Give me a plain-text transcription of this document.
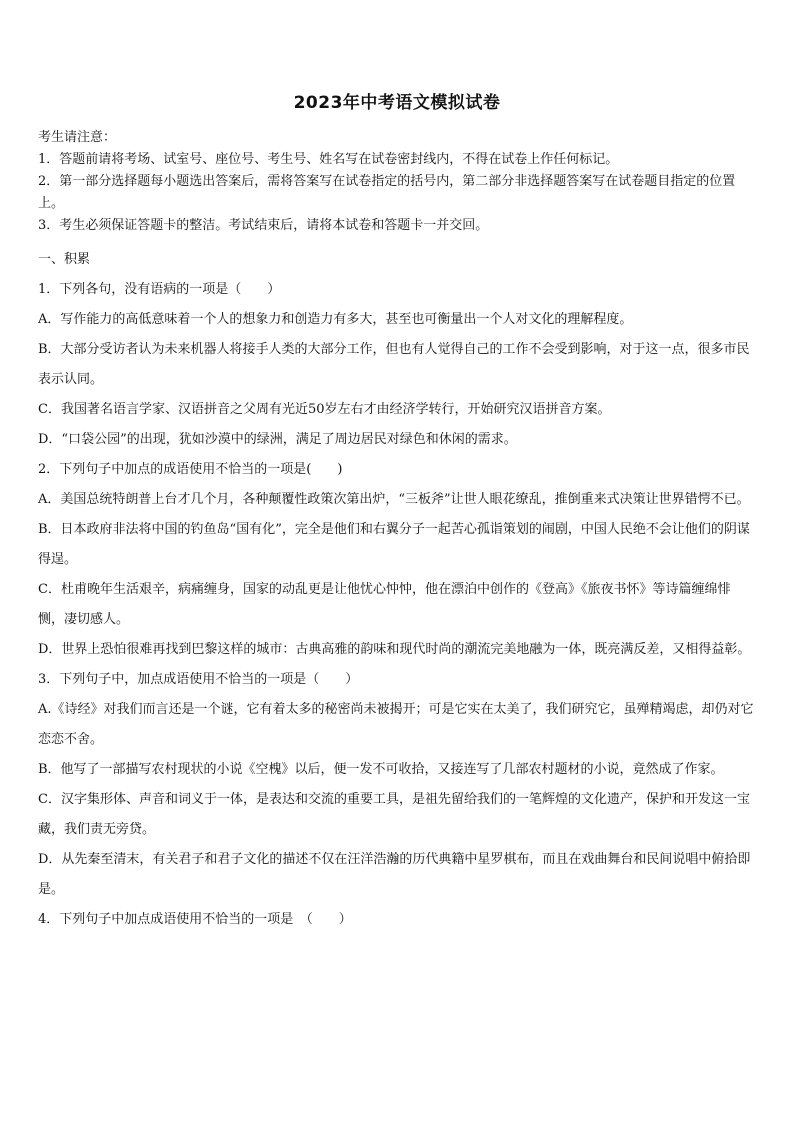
2023年中考语文模拟试卷

考生请注意：

1．答题前请将考场、试室号、座位号、考生号、姓名写在试卷密封线内，不得在试卷上作任何标记。

2．第一部分选择题每小题选出答案后，需将答案写在试卷指定的括号内，第二部分非选择题答案写在试卷题目指定的位置上。

3．考生必须保证答题卡的整洁。考试结束后，请将本试卷和答题卡一并交回。

一、积累

1．下列各句，没有语病的一项是（　　）

A．写作能力的高低意味着一个人的想象力和创造力有多大，甚至也可衡量出一个人对文化的理解程度。

B．大部分受访者认为未来机器人将接手人类的大部分工作，但也有人觉得自己的工作不会受到影响，对于这一点，很多市民表示认同。

C．我国著名语言学家、汉语拼音之父周有光近50岁左右才由经济学转行，开始研究汉语拼音方案。

D．“口袋公园”的出现，犹如沙漠中的绿洲，满足了周边居民对绿色和休闲的需求。

2．下列句子中加点的成语使用不恰当的一项是(　　)

A．美国总统特朗普上台才几个月，各种颠覆性政策次第出炉，“三板斧”让世人眼花缭乱，推倒重来式决策让世界错愕不已。

B．日本政府非法将中国的钓鱼岛“国有化”，完全是他们和右翼分子一起苦心孤诣策划的闹剧，中国人民绝不会让他们的阴谋得逞。

C．杜甫晚年生活艰辛，病痛缠身，国家的动乱更是让他忧心忡忡，他在漂泊中创作的《登高》《旅夜书怀》等诗篇缠绵悱恻，凄切感人。

D．世界上恐怕很难再找到巴黎这样的城市：古典高雅的韵味和现代时尚的潮流完美地融为一体，既亮满反差，又相得益彰。

3．下列句子中，加点成语使用不恰当的一项是（　　）

A.《诗经》对我们而言还是一个谜，它有着太多的秘密尚未被揭开；可是它实在太美了，我们研究它，虽殚精竭虑，却仍对它恋恋不舍。

B．他写了一部描写农村现状的小说《空槐》以后，便一发不可收拾，又接连写了几部农村题材的小说，竟然成了作家。

C．汉字集形体、声音和词义于一体，是表达和交流的重要工具，是祖先留给我们的一笔辉煌的文化遗产，保护和开发这一宝藏，我们责无旁贷。

D．从先秦至清末，有关君子和君子文化的描述不仅在汪洋浩瀚的历代典籍中星罗棋布，而且在戏曲舞台和民间说唱中俯拾即是。

4．下列句子中加点成语使用不恰当的一项是　（　　）
